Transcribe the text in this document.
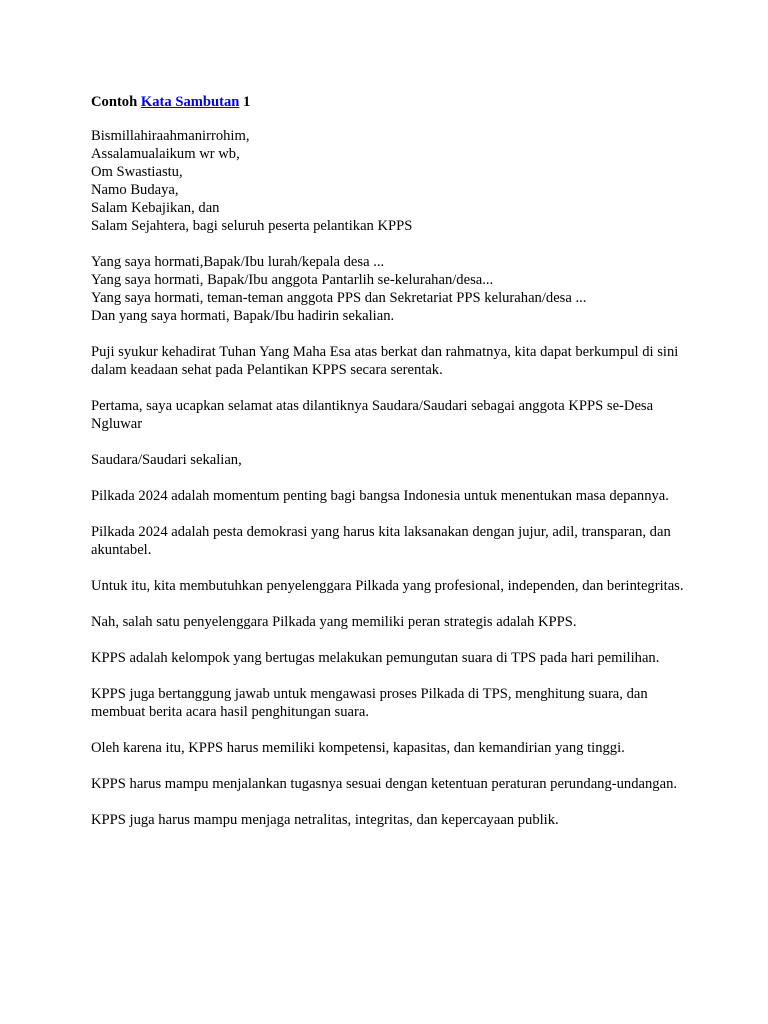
Contoh Kata Sambutan 1
Bismillahiraahmanirrohim,
Assalamualaikum wr wb,
Om Swastiastu,
Namo Budaya,
Salam Kebajikan, dan
Salam Sejahtera, bagi seluruh peserta pelantikan KPPS
Yang saya hormati,Bapak/Ibu lurah/kepala desa ...
Yang saya hormati, Bapak/Ibu anggota Pantarlih se-kelurahan/desa...
Yang saya hormati, teman-teman anggota PPS dan Sekretariat PPS kelurahan/desa ...
Dan yang saya hormati, Bapak/Ibu hadirin sekalian.

Puji syukur kehadirat Tuhan Yang Maha Esa atas berkat dan rahmatnya, kita dapat berkumpul di sini dalam keadaan sehat pada Pelantikan KPPS secara serentak.

Pertama, saya ucapkan selamat atas dilantiknya Saudara/Saudari sebagai anggota KPPS se-Desa Ngluwar

Saudara/Saudari sekalian,

Pilkada 2024 adalah momentum penting bagi bangsa Indonesia untuk menentukan masa depannya.

Pilkada 2024 adalah pesta demokrasi yang harus kita laksanakan dengan jujur, adil, transparan, dan akuntabel.

Untuk itu, kita membutuhkan penyelenggara Pilkada yang profesional, independen, dan berintegritas.

Nah, salah satu penyelenggara Pilkada yang memiliki peran strategis adalah KPPS.

KPPS adalah kelompok yang bertugas melakukan pemungutan suara di TPS pada hari pemilihan.

KPPS juga bertanggung jawab untuk mengawasi proses Pilkada di TPS, menghitung suara, dan membuat berita acara hasil penghitungan suara.

Oleh karena itu, KPPS harus memiliki kompetensi, kapasitas, dan kemandirian yang tinggi.

KPPS harus mampu menjalankan tugasnya sesuai dengan ketentuan peraturan perundang-undangan.

KPPS juga harus mampu menjaga netralitas, integritas, dan kepercayaan publik.
